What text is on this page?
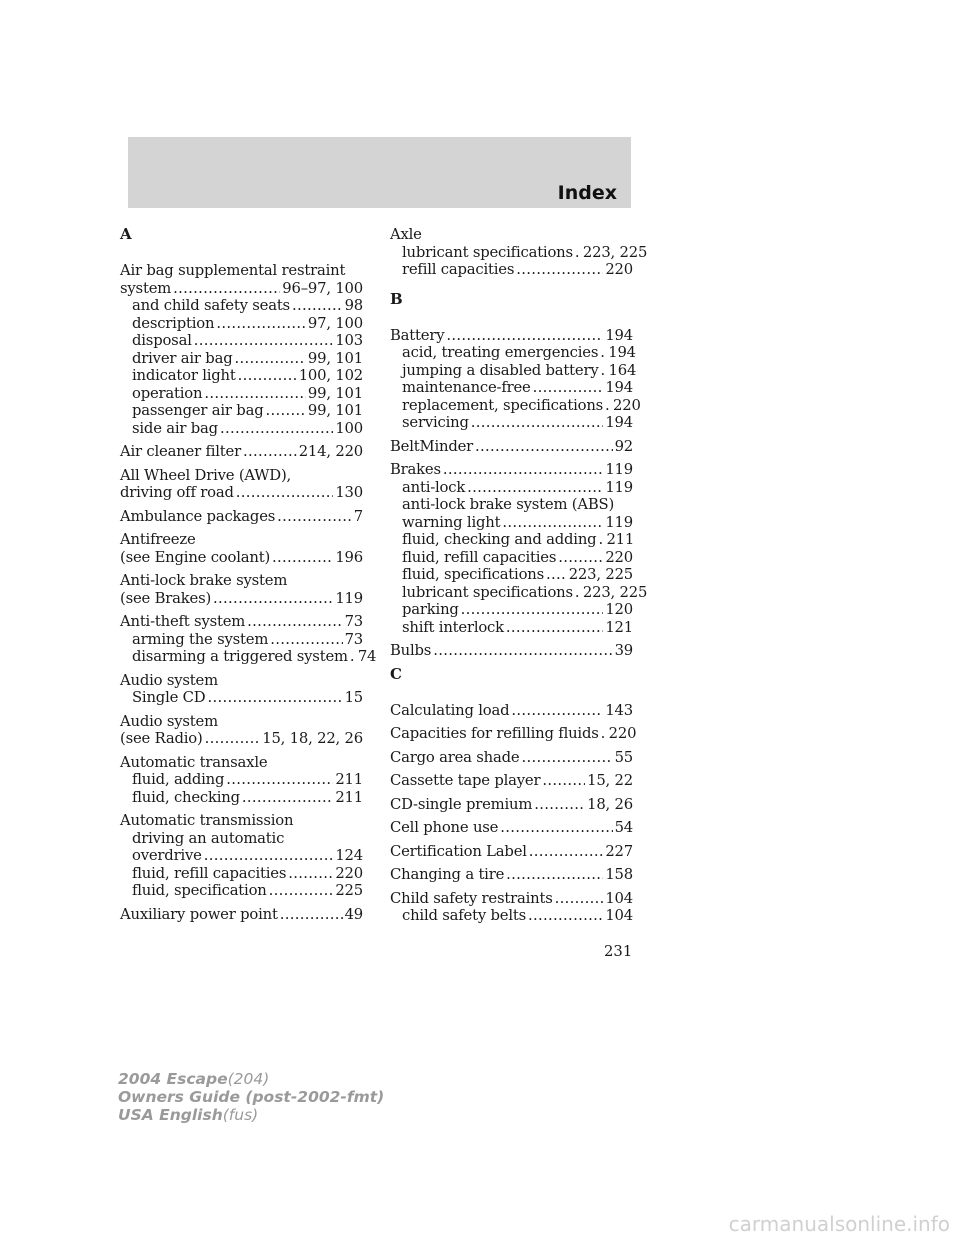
Index
A
Air bag supplemental restraint
system .....	96–97, 100
and child safety seats .....	98
description .....	97, 100
disposal .....	103
driver air bag .....	99, 101
indicator light .....	100, 102
operation .....	99, 101
passenger air bag .....	99, 101
side air bag .....	100
Air cleaner filter .....	214, 220
All Wheel Drive (AWD),
driving off road .....	130
Ambulance packages .....	7
Antifreeze
(see Engine coolant) .....	196
Anti-lock brake system
(see Brakes) .....	119
Anti-theft system .....	73
arming the system .....	73
disarming a triggered system ..... 74
Audio system
Single CD .....	15
Audio system
(see Radio) .....	15, 18, 22, 26
Automatic transaxle
fluid, adding .....	211
fluid, checking .....	211
Automatic transmission
driving an automatic
overdrive .....	124
fluid, refill capacities .....	220
fluid, specification .....	225
Auxiliary power point .....	49
Axle
lubricant specifications ..... 223, 225
refill capacities .....	220
B
Battery .....	194
acid, treating emergencies ..... 194
jumping a disabled battery ..... 164
maintenance-free .....	194
replacement, specifications ..... 220
servicing .....	194
BeltMinder .....	92
Brakes .....	119
anti-lock .....	119
anti-lock brake system (ABS)
warning light .....	119
fluid, checking and adding ..... 211
fluid, refill capacities .....	220
fluid, specifications ..... 223, 225
lubricant specifications ..... 223, 225
parking .....	120
shift interlock .....	121
Bulbs .....	39
C
Calculating load .....	143
Capacities for refilling fluids ..... 220
Cargo area shade .....	55
Cassette tape player .....	15, 22
CD-single premium .....	18, 26
Cell phone use .....	54
Certification Label .....	227
Changing a tire .....	158
Child safety restraints .....	104
child safety belts .....	104
231
2004 Escape(204)
Owners Guide (post-2002-fmt)
USA English(fus)
carmanualsonline.info
